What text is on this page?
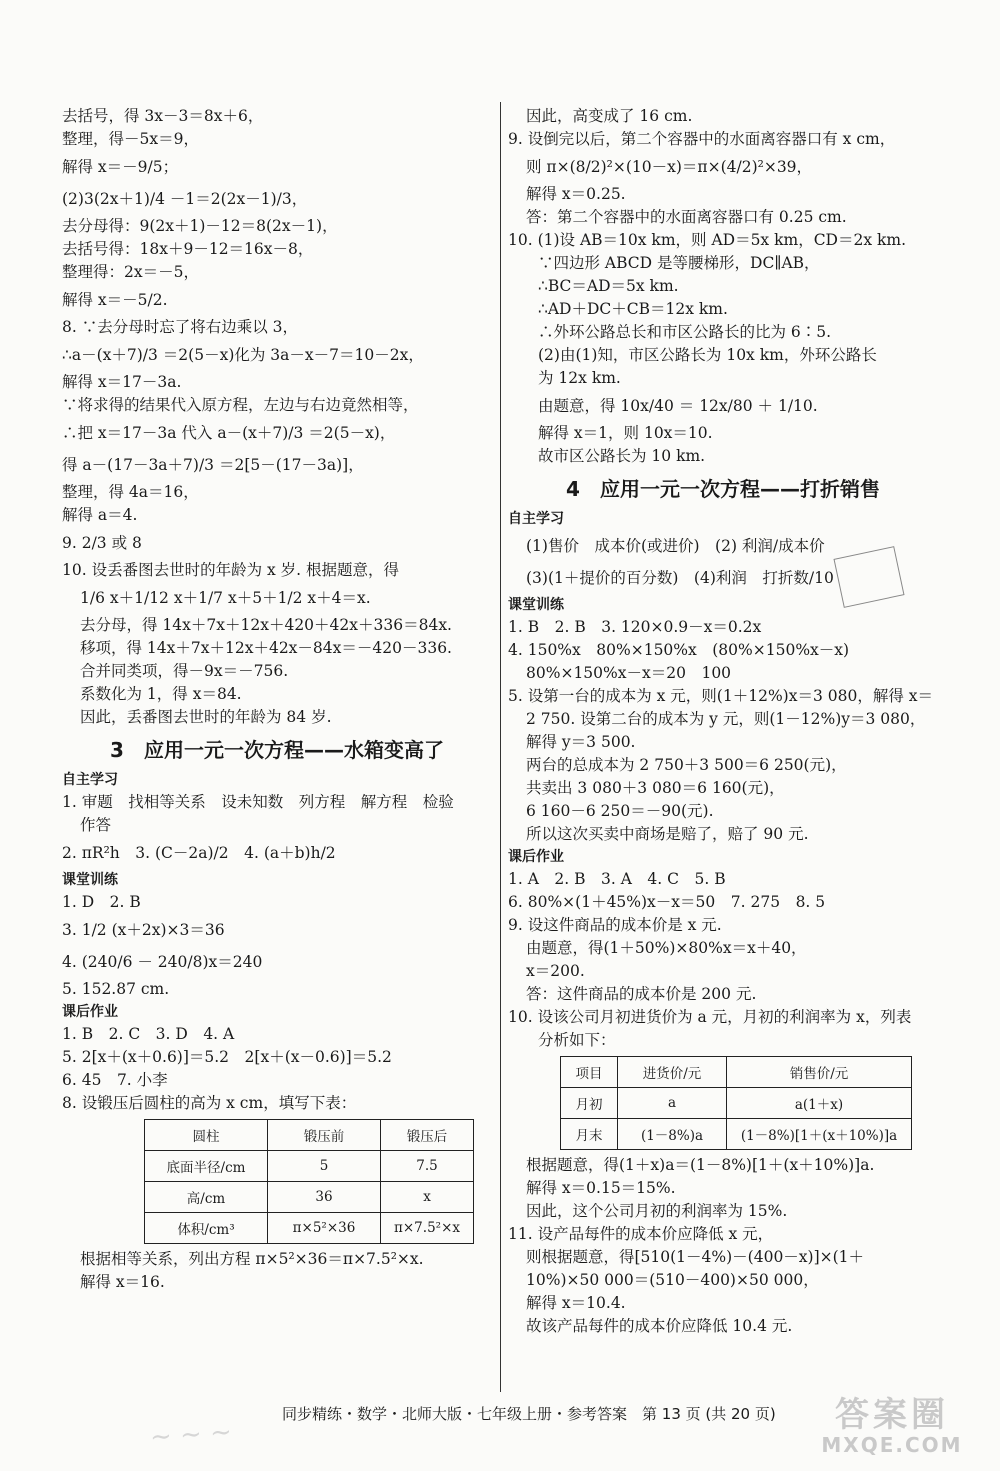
去括号，得 3x－3＝8x＋6，
整理，得－5x＝9，
解得 x＝－9/5；
(2)3(2x＋1)/4 －1＝2(2x－1)/3，
去分母得：9(2x＋1)－12＝8(2x－1)，
去括号得：18x＋9－12＝16x－8，
整理得：2x＝－5，
解得 x＝－5/2.
8. ∵去分母时忘了将右边乘以 3，
∴a－(x＋7)/3 ＝2(5－x)化为 3a－x－7＝10－2x，
解得 x＝17－3a.
∵将求得的结果代入原方程，左边与右边竟然相等，
∴把 x＝17－3a 代入 a－(x＋7)/3 ＝2(5－x)，
得 a－(17－3a＋7)/3 ＝2[5－(17－3a)]，
整理，得 4a＝16，
解得 a＝4.
9. 2/3 或 8
10. 设丢番图去世时的年龄为 x 岁. 根据题意，得
1/6 x＋1/12 x＋1/7 x＋5＋1/2 x＋4＝x.
去分母，得 14x＋7x＋12x＋420＋42x＋336＝84x.
移项，得 14x＋7x＋12x＋42x－84x＝－420－336.
合并同类项，得－9x＝－756.
系数化为 1，得 x＝84.
因此，丢番图去世时的年龄为 84 岁.
3　应用一元一次方程——水箱变高了
自主学习
1. 审题　找相等关系　设未知数　列方程　解方程　检验
作答
2. πR²h　3. (C－2a)/2　4. (a＋b)h/2
课堂训练
1. D　2. B
3. 1/2 (x＋2x)×3＝36
4. (240/6 － 240/8)x＝240
5. 152.87 cm.
课后作业
1. B　2. C　3. D　4. A
5. 2[x＋(x＋0.6)]＝5.2　2[x＋(x－0.6)]＝5.2
6. 45　7. 小李
8. 设锻压后圆柱的高为 x cm，填写下表：
圆柱	锻压前	锻压后
底面半径/cm	5	7.5
高/cm	36	x
体积/cm³	π×5²×36	π×7.5²×x
根据相等关系，列出方程 π×5²×36＝π×7.5²×x.
解得 x＝16.
因此，高变成了 16 cm.
9. 设倒完以后，第二个容器中的水面离容器口有 x cm，
则 π×(8/2)²×(10－x)＝π×(4/2)²×39，
解得 x＝0.25.
答：第二个容器中的水面离容器口有 0.25 cm.
10. (1)设 AB＝10x km，则 AD＝5x km，CD＝2x km.
∵四边形 ABCD 是等腰梯形，DC∥AB，
∴BC＝AD＝5x km.
∴AD＋DC＋CB＝12x km.
∴外环公路总长和市区公路长的比为 6∶5.
(2)由(1)知，市区公路长为 10x km，外环公路长
为 12x km.
由题意，得 10x/40 ＝ 12x/80 ＋ 1/10.
解得 x＝1，则 10x＝10.
故市区公路长为 10 km.
4　应用一元一次方程——打折销售
自主学习
(1)售价　成本价(或进价)　(2) 利润/成本价
(3)(1＋提价的百分数)　(4)利润　打折数/10
课堂训练
1. B　2. B　3. 120×0.9－x＝0.2x
4. 150%x　80%×150%x　(80%×150%x－x)
80%×150%x－x＝20　100
5. 设第一台的成本为 x 元，则(1＋12%)x＝3 080，解得 x＝
2 750. 设第二台的成本为 y 元，则(1－12%)y＝3 080，
解得 y＝3 500.
两台的总成本为 2 750＋3 500＝6 250(元)，
共卖出 3 080＋3 080＝6 160(元)，
6 160－6 250＝－90(元).
所以这次买卖中商场是赔了，赔了 90 元.
课后作业
1. A　2. B　3. A　4. C　5. B
6. 80%×(1＋45%)x－x＝50　7. 275　8. 5
9. 设这件商品的成本价是 x 元.
由题意，得(1＋50%)×80%x＝x＋40，
x＝200.
答：这件商品的成本价是 200 元.
10. 设该公司月初进货价为 a 元，月初的利润率为 x，列表
分析如下：
项目	进货价/元	销售价/元
月初	a	a(1＋x)
月末	(1－8%)a	(1－8%)[1＋(x＋10%)]a
根据题意，得(1＋x)a＝(1－8%)[1＋(x＋10%)]a.
解得 x＝0.15＝15%.
因此，这个公司月初的利润率为 15%.
11. 设产品每件的成本价应降低 x 元，
则根据题意，得[510(1－4%)－(400－x)]×(1＋
10%)×50 000＝(510－400)×50 000，
解得 x＝10.4.
故该产品每件的成本价应降低 10.4 元.
~ ~ ~
同步精练・数学・北师大版・七年级上册・参考答案　第 13 页 (共 20 页)	答案圈
MXQE.COM
